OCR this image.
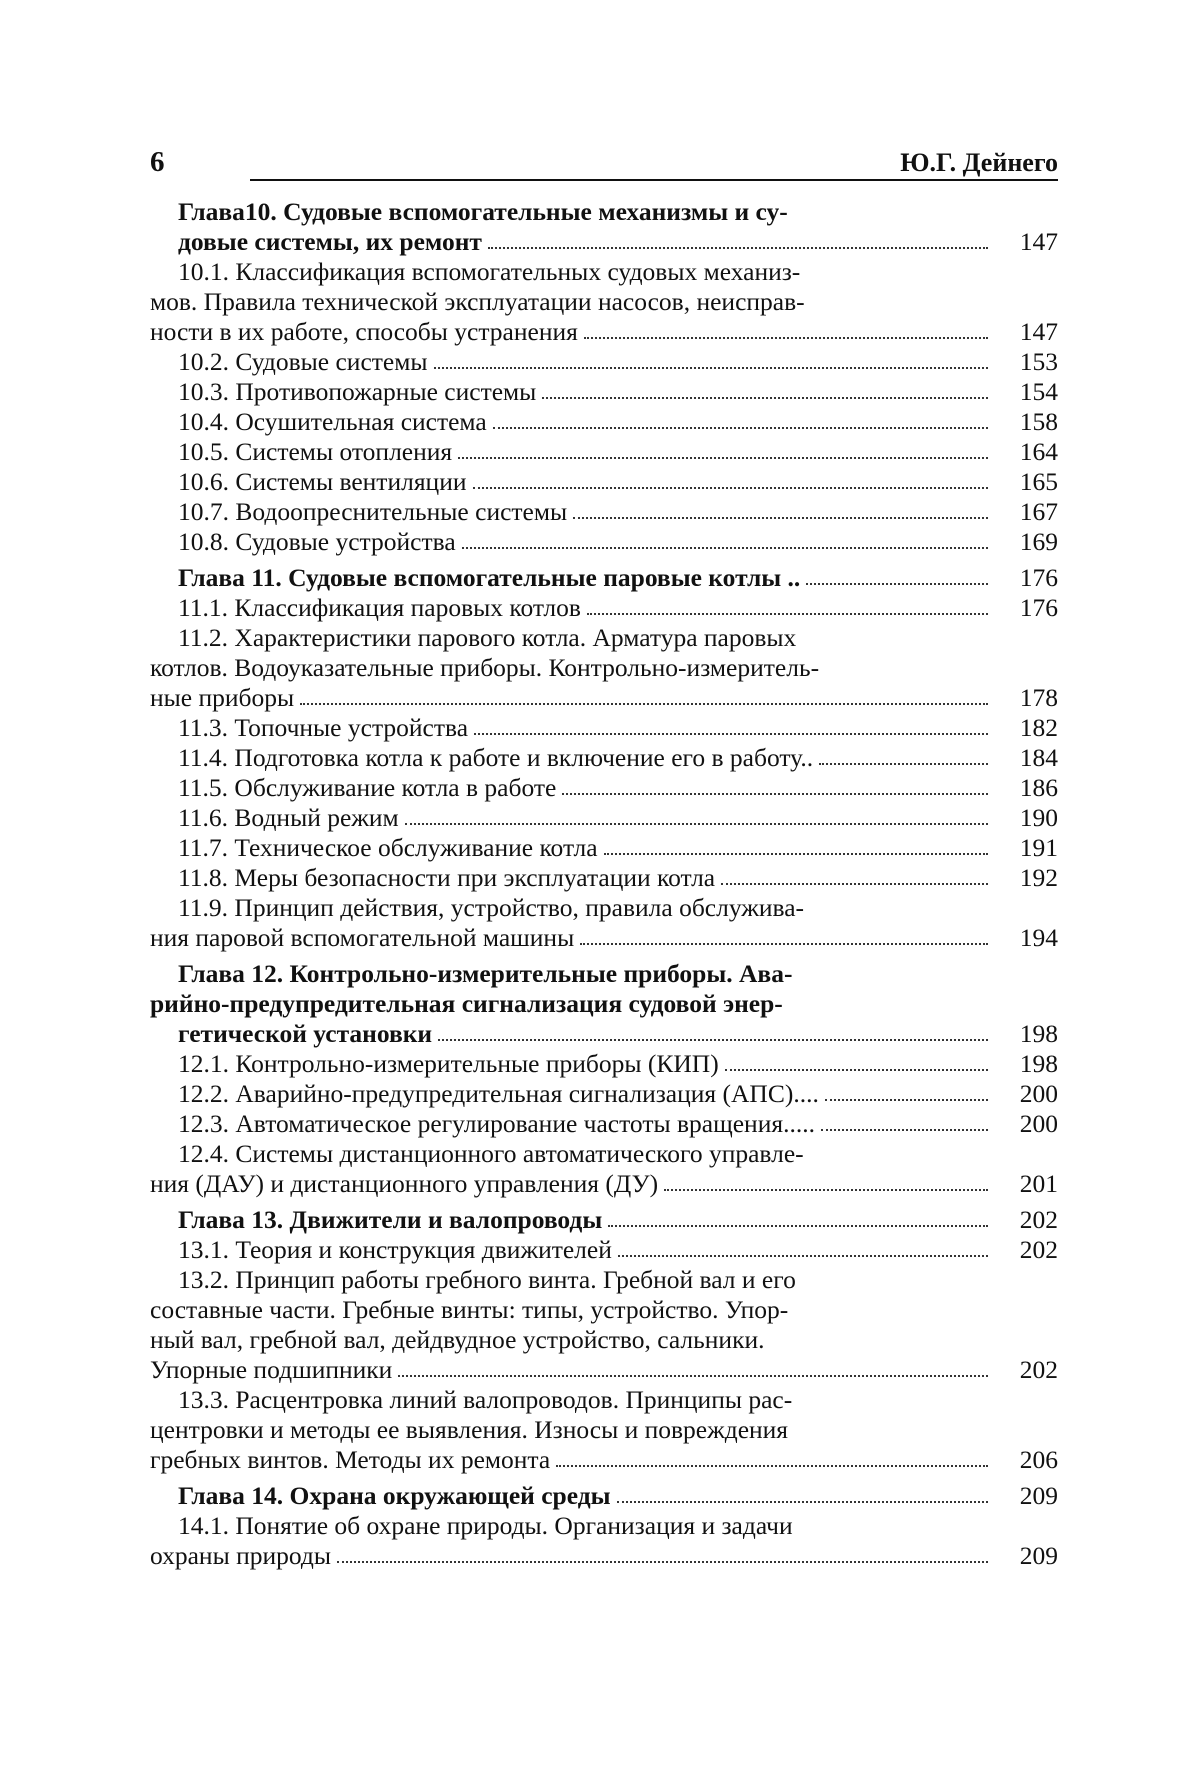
6	Ю.Г. Дейнего
Глава10. Судовые вспомогательные механизмы и су-
довые системы, их ремонт	147
10.1. Классификация вспомогательных судовых механиз-
мов. Правила технической эксплуатации насосов, неисправ-
ности в их работе, способы устранения	147
10.2. Судовые системы	153
10.3. Противопожарные системы	154
10.4. Осушительная система	158
10.5. Системы отопления	164
10.6. Системы вентиляции	165
10.7. Водоопреснительные системы	167
10.8. Судовые устройства	169
Глава 11. Судовые вспомогательные паровые котлы ..	176
11.1. Классификация паровых котлов	176
11.2. Характеристики парового котла. Арматура паровых
котлов. Водоуказательные приборы. Контрольно-измеритель-
ные приборы	178
11.3. Топочные устройства	182
11.4. Подготовка котла к работе и включение его в работу..	184
11.5. Обслуживание котла в работе	186
11.6. Водный режим	190
11.7. Техническое обслуживание котла	191
11.8. Меры безопасности при эксплуатации котла	192
11.9. Принцип действия, устройство, правила обслужива-
ния паровой вспомогательной машины	194
Глава 12. Контрольно-измерительные приборы. Ава-
рийно-предупредительная сигнализация судовой энер-
гетической установки	198
12.1. Контрольно-измерительные приборы (КИП)	198
12.2. Аварийно-предупредительная сигнализация (АПС)....	200
12.3. Автоматическое регулирование частоты вращения.....	200
12.4. Системы дистанционного автоматического управле-
ния (ДАУ) и дистанционного управления (ДУ)	201
Глава 13. Движители и валопроводы	202
13.1. Теория и конструкция движителей	202
13.2. Принцип работы гребного винта. Гребной вал и его
составные части. Гребные винты: типы, устройство. Упор-
ный вал, гребной вал, дейдвудное устройство, сальники.
Упорные подшипники	202
13.3. Расцентровка линий валопроводов. Принципы рас-
центровки и методы ее выявления. Износы и повреждения
гребных винтов. Методы их ремонта	206
Глава 14. Охрана окружающей среды	209
14.1. Понятие об охране природы. Организация и задачи
охраны природы	209
